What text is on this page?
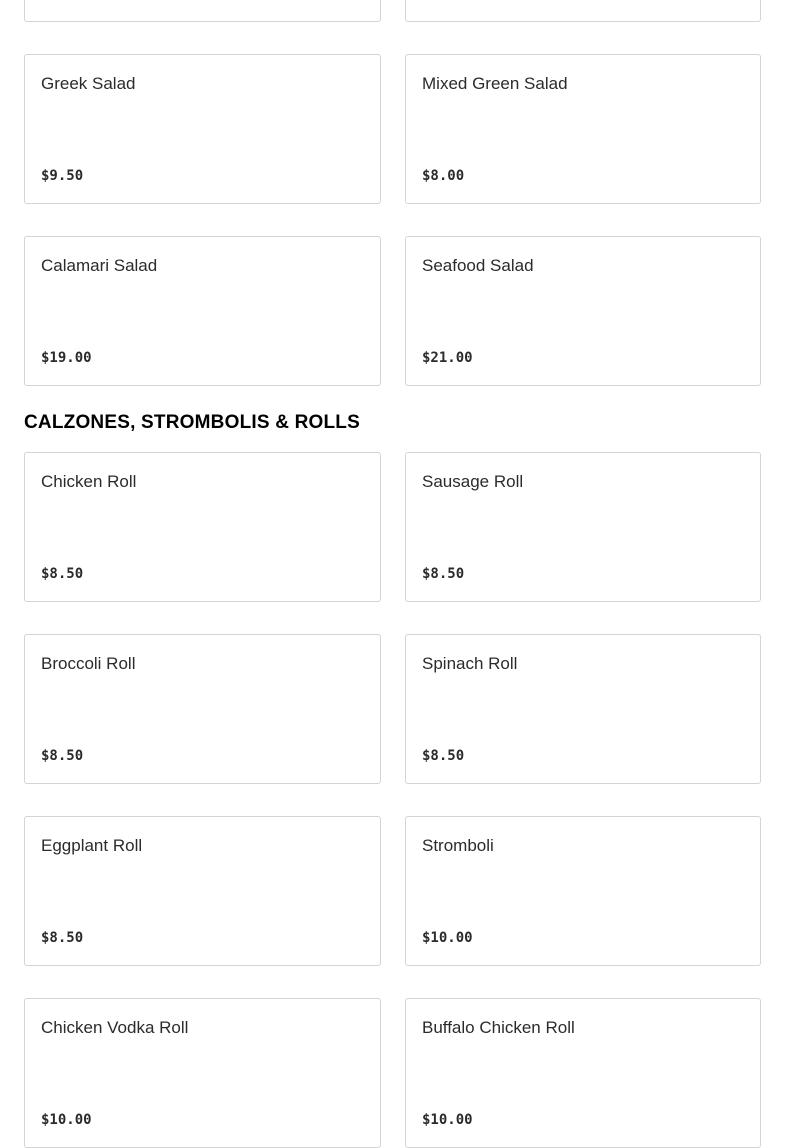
Greek Salad
$9.50
Mixed Green Salad
$8.00
Calamari Salad
$19.00
Seafood Salad
$21.00
CALZONES, STROMBOLIS & ROLLS
Chicken Roll
$8.50
Sausage Roll
$8.50
Broccoli Roll
$8.50
Spinach Roll
$8.50
Eggplant Roll
$8.50
Stromboli
$10.00
Chicken Vodka Roll
$10.00
Buffalo Chicken Roll
$10.00
